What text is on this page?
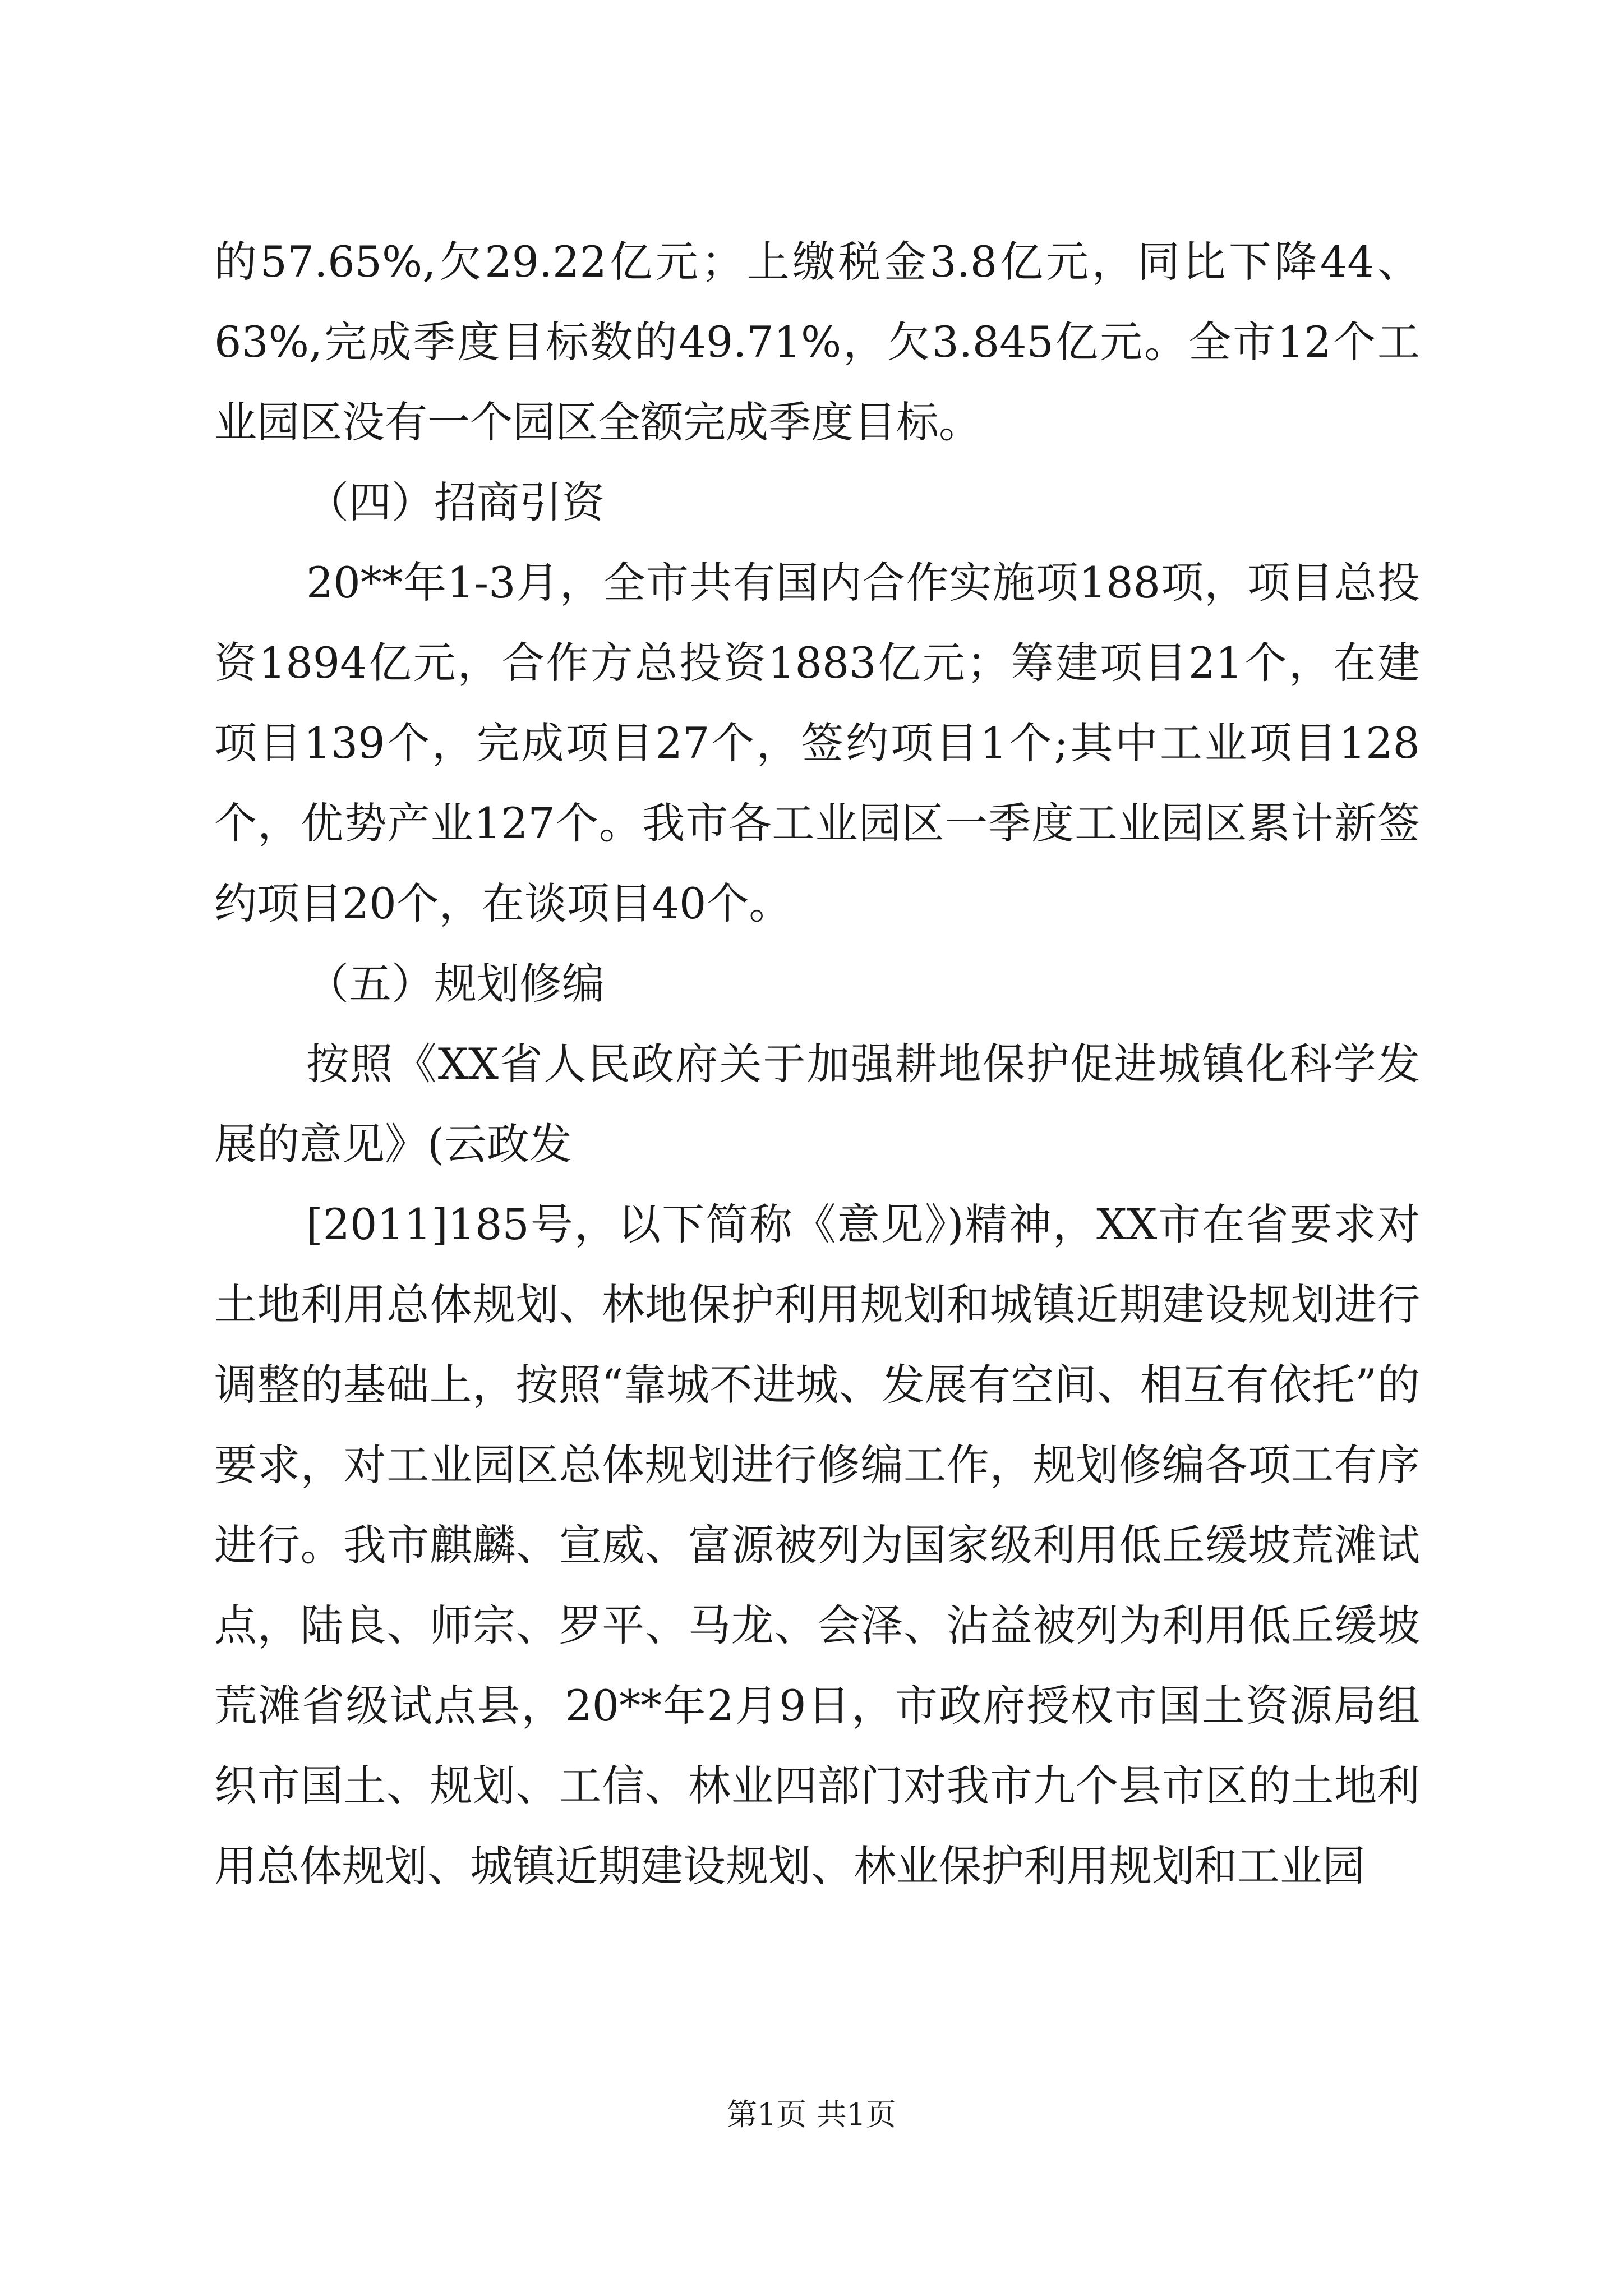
的57.65%,欠29.22亿元；上缴税金3.8亿元，同比下降44、63%,完成季度目标数的49.71%，欠3.845亿元。全市12个工业园区没有一个园区全额完成季度目标。

（四）招商引资

20**年1-3月，全市共有国内合作实施项188项，项目总投资1894亿元，合作方总投资1883亿元；筹建项目21个，在建项目139个，完成项目27个，签约项目1个;其中工业项目128个，优势产业127个。我市各工业园区一季度工业园区累计新签约项目20个，在谈项目40个。

（五）规划修编

按照《XX省人民政府关于加强耕地保护促进城镇化科学发展的意见》(云政发

[2011]185号，以下简称《意见》)精神，XX市在省要求对土地利用总体规划、林地保护利用规划和城镇近期建设规划进行调整的基础上，按照“靠城不进城、发展有空间、相互有依托”的要求，对工业园区总体规划进行修编工作，规划修编各项工有序进行。我市麒麟、宣威、富源被列为国家级利用低丘缓坡荒滩试点，陆良、师宗、罗平、马龙、会泽、沾益被列为利用低丘缓坡荒滩省级试点县，20**年2月9日，市政府授权市国土资源局组织市国土、规划、工信、林业四部门对我市九个县市区的土地利用总体规划、城镇近期建设规划、林业保护利用规划和工业园

第1页 共1页
